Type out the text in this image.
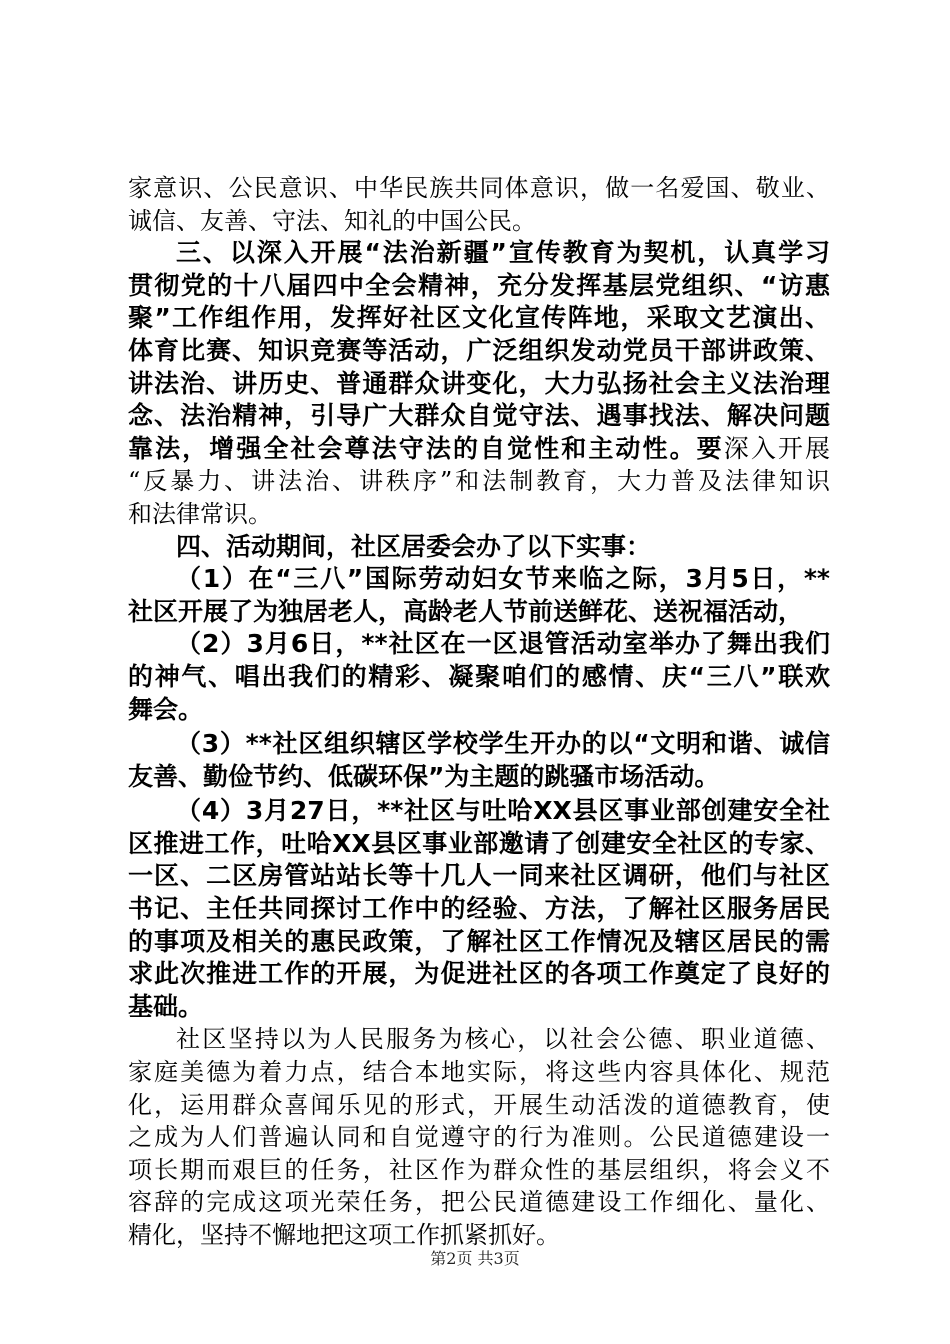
家意识、公民意识、中华民族共同体意识，做一名爱国、敬业、
诚信、友善、守法、知礼的中国公民。
三、以深入开展“法治新疆”宣传教育为契机，认真学习
贯彻党的十八届四中全会精神，充分发挥基层党组织、“访惠
聚”工作组作用，发挥好社区文化宣传阵地，采取文艺演出、
体育比赛、知识竞赛等活动，广泛组织发动党员干部讲政策、
讲法治、讲历史、普通群众讲变化，大力弘扬社会主义法治理
念、法治精神，引导广大群众自觉守法、遇事找法、解决问题
靠法，增强全社会尊法守法的自觉性和主动性。要深入开展
“反暴力、讲法治、讲秩序”和法制教育，大力普及法律知识
和法律常识。
四、活动期间，社区居委会办了以下实事：
（1）在“三八”国际劳动妇女节来临之际，3月5日，**
社区开展了为独居老人，高龄老人节前送鲜花、送祝福活动，
（2）3月6日，**社区在一区退管活动室举办了舞出我们
的神气、唱出我们的精彩、凝聚咱们的感情、庆“三八”联欢
舞会。
（3）**社区组织辖区学校学生开办的以“文明和谐、诚信
友善、勤俭节约、低碳环保”为主题的跳骚市场活动。
（4）3月27日，**社区与吐哈XX县区事业部创建安全社
区推进工作，吐哈XX县区事业部邀请了创建安全社区的专家、
一区、二区房管站站长等十几人一同来社区调研，他们与社区
书记、主任共同探讨工作中的经验、方法，了解社区服务居民
的事项及相关的惠民政策，了解社区工作情况及辖区居民的需
求此次推进工作的开展，为促进社区的各项工作奠定了良好的
基础。
社区坚持以为人民服务为核心，以社会公德、职业道德、
家庭美德为着力点，结合本地实际，将这些内容具体化、规范
化，运用群众喜闻乐见的形式，开展生动活泼的道德教育，使
之成为人们普遍认同和自觉遵守的行为准则。公民道德建设一
项长期而艰巨的任务，社区作为群众性的基层组织，将会义不
容辞的完成这项光荣任务，把公民道德建设工作细化、量化、
精化，坚持不懈地把这项工作抓紧抓好。
第2页 共3页
